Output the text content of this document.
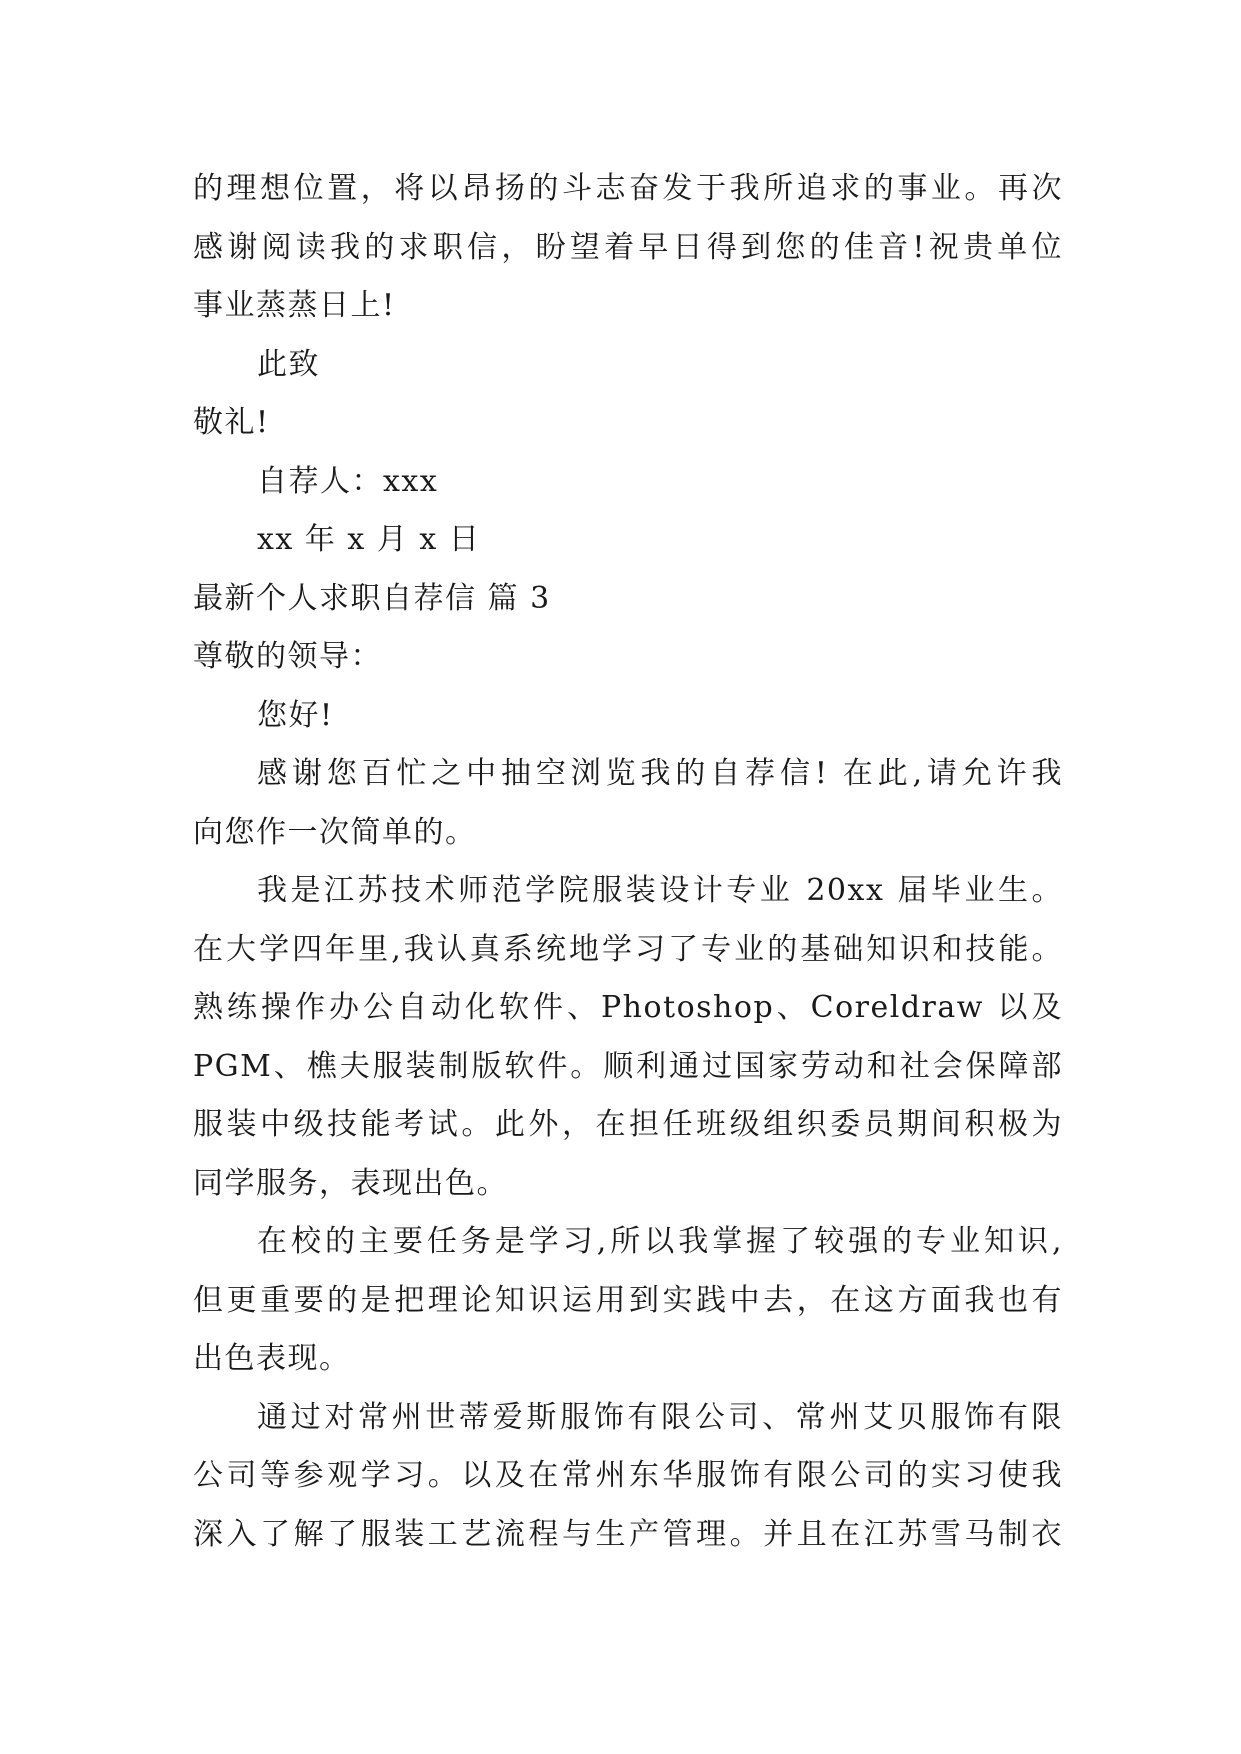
的理想位置，将以昂扬的斗志奋发于我所追求的事业。再次
感谢阅读我的求职信，盼望着早日得到您的佳音!祝贵单位
事业蒸蒸日上!
此致
敬礼!
自荐人：xxx
xx 年 x 月 x 日
最新个人求职自荐信 篇 3
尊敬的领导：
您好!
感谢您百忙之中抽空浏览我的自荐信! 在此,请允许我
向您作一次简单的。
我是江苏技术师范学院服装设计专业 20xx 届毕业生。
在大学四年里,我认真系统地学习了专业的基础知识和技能。
熟练操作办公自动化软件、Photoshop、Coreldraw 以及
PGM、樵夫服装制版软件。顺利通过国家劳动和社会保障部
服装中级技能考试。此外，在担任班级组织委员期间积极为
同学服务，表现出色。
在校的主要任务是学习,所以我掌握了较强的专业知识,
但更重要的是把理论知识运用到实践中去，在这方面我也有
出色表现。
通过对常州世蒂爱斯服饰有限公司、常州艾贝服饰有限
公司等参观学习。以及在常州东华服饰有限公司的实习使我
深入了解了服装工艺流程与生产管理。并且在江苏雪马制衣
